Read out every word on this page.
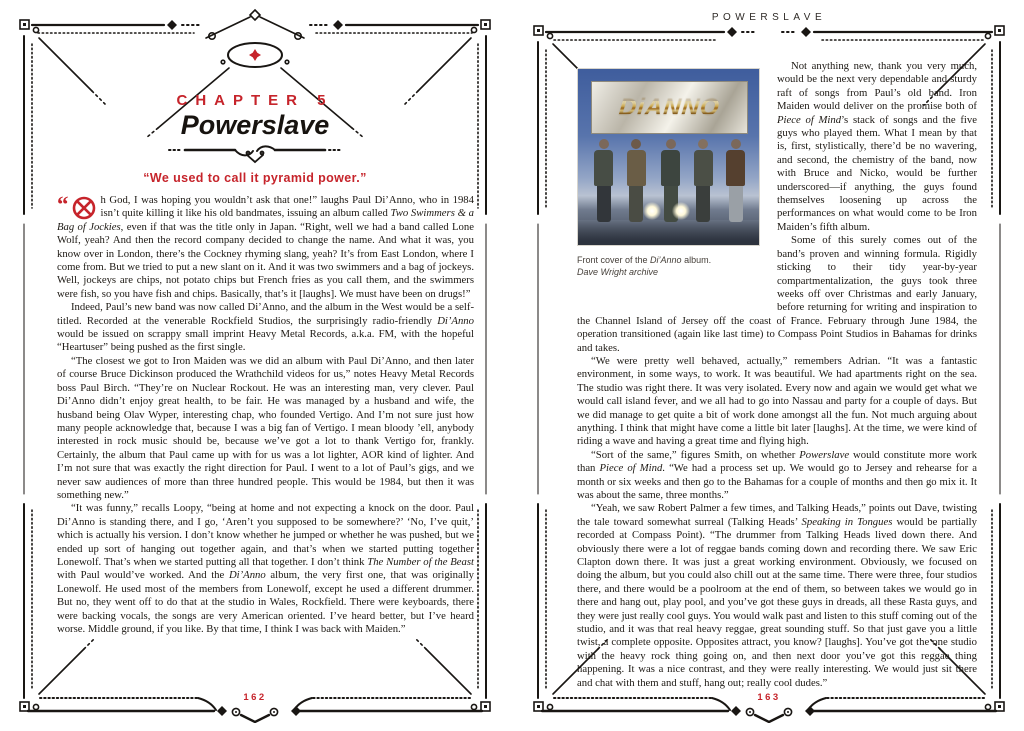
CHAPTER 5
Powerslave
“We used to call it pyramid power.”

“	h God, I was hoping you wouldn’t ask that one!” laughs Paul Di’Anno, who in 1984 isn’t quite killing it like his old bandmates, issuing an album called Two Swimmers & a Bag of Jockies, even if that was the title only in Japan. “Right, well we had a band called Lone Wolf, yeah? And then the record company decided to change the name. And what it was, you know over in London, there’s the Cockney rhyming slang, yeah? It’s from East London, where I come from. But we tried to put a new slant on it. And it was two swimmers and a bag of jockeys. Well, jockeys are chips, not potato chips but French fries as you call them, and the swimmers were fish, so you have fish and chips. Basically, that’s it [laughs]. We must have been on drugs!”

Indeed, Paul’s new band was now called Di’Anno, and the album in the West would be a self-titled. Recorded at the venerable Rockfield Studios, the surprisingly radio-friendly Di’Anno would be issued on scrappy small imprint Heavy Metal Records, a.k.a. FM, with the hopeful “Heartuser” being pushed as the first single.

“The closest we got to Iron Maiden was we did an album with Paul Di’Anno, and then later of course Bruce Dickinson produced the Wrathchild videos for us,” notes Heavy Metal Records boss Paul Birch. “They’re on Nuclear Rockout. He was an interesting man, very clever. Paul Di’Anno didn’t enjoy great health, to be fair. He was managed by a husband and wife, the husband being Olav Wyper, interesting chap, who founded Vertigo. And I’m not sure just how many people acknowledge that, because I was a big fan of Vertigo. I mean bloody ’ell, anybody interested in rock music should be, because we’ve got a lot to thank Vertigo for, frankly. Certainly, the album that Paul came up with for us was a lot lighter, AOR kind of lighter. And I’m not sure that was exactly the right direction for Paul. I went to a lot of Paul’s gigs, and we never saw audiences of more than three hundred people. This would be 1984, but then it was something new.”

“It was funny,” recalls Loopy, “being at home and not expecting a knock on the door. Paul Di’Anno is standing there, and I go, ‘Aren’t you supposed to be somewhere?’ ‘No, I’ve quit,’ which is actually his version. I don’t know whether he jumped or whether he was pushed, but we ended up sort of hanging out together again, and that’s when we started putting together Lonewolf. That’s when we started putting all that together. I don’t think The Number of the Beast with Paul would’ve worked. And the Di’Anno album, the very first one, that was originally Lonewolf. He used most of the members from Lonewolf, except he used a different drummer. But no, they went off to do that at the studio in Wales, Rockfield. There were keyboards, there were backing vocals, the songs are very American oriented. I’ve heard better, but I’ve heard worse. Middle ground, if you like. By that time, I think I was back with Maiden.”

162
POWERSLAVE
DiANNO
Front cover of the Di’Anno album.
Dave Wright archive

Not anything new, thank you very much, would be the next very dependable and sturdy raft of songs from Paul’s old band. Iron Maiden would deliver on the promise both of Piece of Mind’s stack of songs and the five guys who played them. What I mean by that is, first, stylistically, there’d be no wavering, and second, the chemistry of the band, now with Bruce and Nicko, would be further underscored—if anything, the guys found themselves loosening up across the performances on what would come to be Iron Maiden’s fifth album.

Some of this surely comes out of the band’s proven and winning formula. Rigidly sticking to their tidy year-by-year compartmentalization, the guys took three weeks off over Christmas and early January, before returning for writing and inspiration to the Channel Island of Jersey off the coast of France. February through June 1984, the operation transitioned (again like last time) to Compass Point Studios in Bahamas for drinks and takes.

“We were pretty well behaved, actually,” remembers Adrian. “It was a fantastic environment, in some ways, to work. It was beautiful. We had apartments right on the sea. The studio was right there. It was very isolated. Every now and again we would get what we would call island fever, and we all had to go into Nassau and party for a couple of days. But we did manage to get quite a bit of work done amongst all the fun. Not much arguing about anything. I think that might have come a little bit later [laughs]. At the time, we were kind of riding a wave and having a great time and flying high.

“Sort of the same,” figures Smith, on whether Powerslave would constitute more work than Piece of Mind. “We had a process set up. We would go to Jersey and rehearse for a month or six weeks and then go to the Bahamas for a couple of months and then go mix it. It was about the same, three months.”

“Yeah, we saw Robert Palmer a few times, and Talking Heads,” points out Dave, twisting the tale toward somewhat surreal (Talking Heads’ Speaking in Tongues would be partially recorded at Compass Point). “The drummer from Talking Heads lived down there. And obviously there were a lot of reggae bands coming down and recording there. We saw Eric Clapton down there. It was just a great working environment. Obviously, we focused on doing the album, but you could also chill out at the same time. There were three, four studios there, and there would be a poolroom at the end of them, so between takes we would go in there and hang out, play pool, and you’ve got these guys in dreads, all these Rasta guys, and they were just really cool guys. You would walk past and listen to this stuff coming out of the studio, and it was that real heavy reggae, great sounding stuff. So that just gave you a little twist, a complete opposite. Opposites attract, you know? [laughs]. You’ve got the one studio with the heavy rock thing going on, and then next door you’ve got this reggae thing happening. It was a nice contrast, and they were really interesting. We would just sit there and chat with them and stuff, hang out; really cool dudes.”

163
